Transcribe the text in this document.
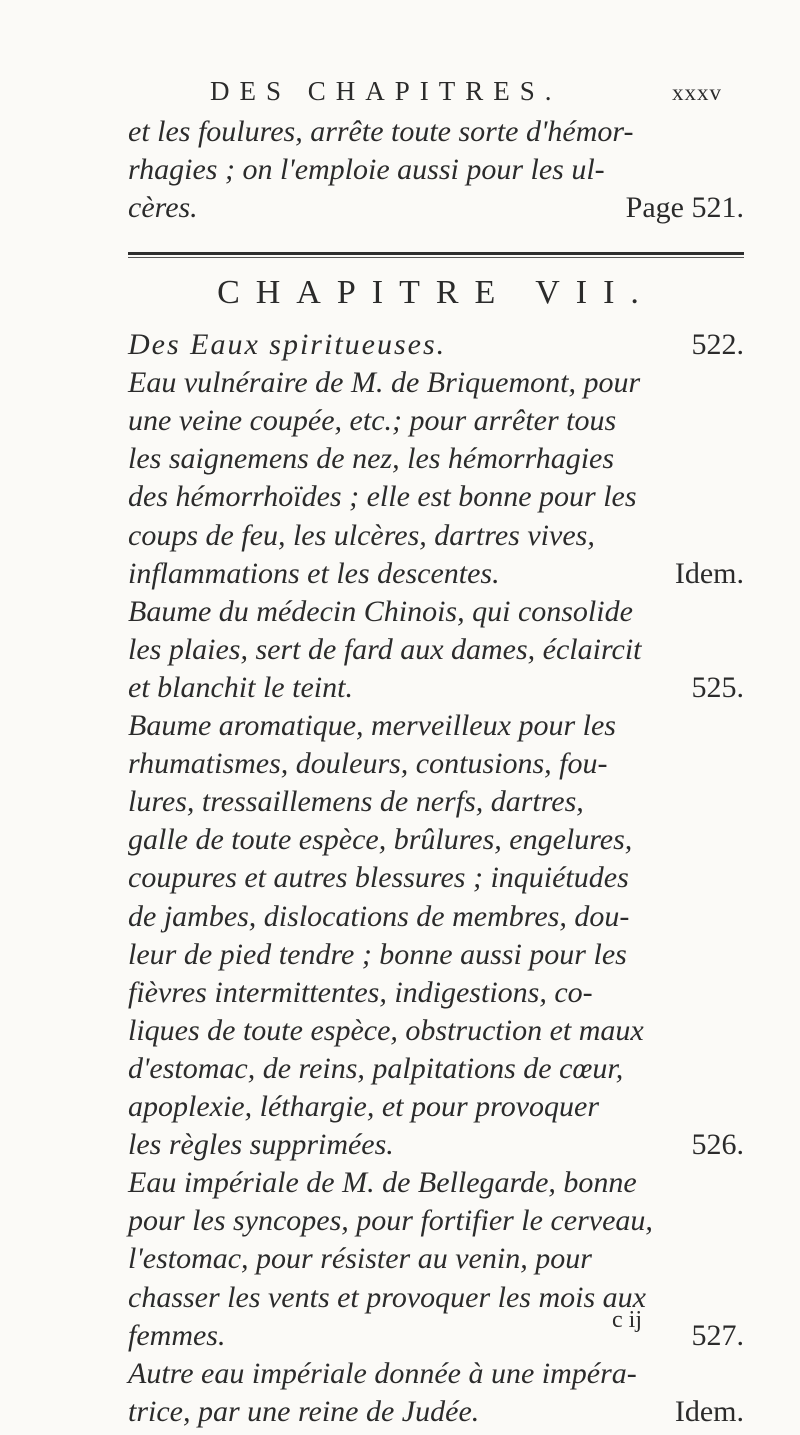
DES CHAPITRES.	xxxv
et les foulures, arrête toute sorte d'hémor-
rhagies ; on l'emploie aussi pour les ul-
cères.	Page 521.
CHAPITRE VII.
Des Eaux spiritueuses.	522.
Eau vulnéraire de M. de Briquemont, pour
une veine coupée, etc.; pour arrêter tous
les saignemens de nez, les hémorrhagies
des hémorrhoïdes ; elle est bonne pour les
coups de feu, les ulcères, dartres vives,
inflammations et les descentes.	Idem.
Baume du médecin Chinois, qui consolide
les plaies, sert de fard aux dames, éclaircit
et blanchit le teint.	525.
Baume aromatique, merveilleux pour les
rhumatismes, douleurs, contusions, fou-
lures, tressaillemens de nerfs, dartres,
galle de toute espèce, brûlures, engelures,
coupures et autres blessures ; inquiétudes
de jambes, dislocations de membres, dou-
leur de pied tendre ; bonne aussi pour les
fièvres intermittentes, indigestions, co-
liques de toute espèce, obstruction et maux
d'estomac, de reins, palpitations de cœur,
apoplexie, léthargie, et pour provoquer
les règles supprimées.	526.
Eau impériale de M. de Bellegarde, bonne
pour les syncopes, pour fortifier le cerveau,
l'estomac, pour résister au venin, pour
chasser les vents et provoquer les mois aux
femmes.	527.
Autre eau impériale donnée à une impéra-
trice, par une reine de Judée.	Idem.
c ij
